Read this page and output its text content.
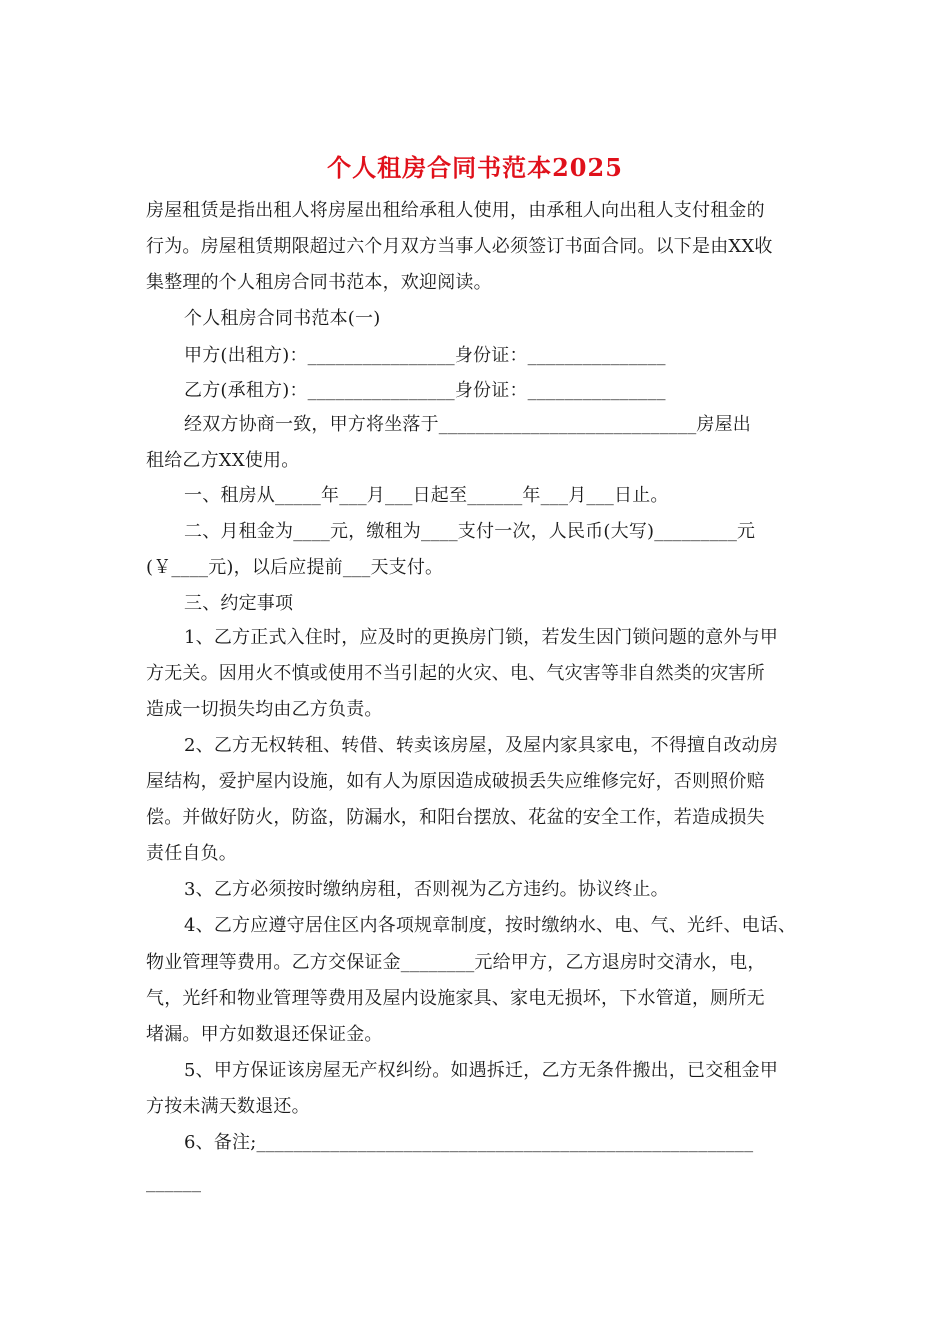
个人租房合同书范本2025
房屋租赁是指出租人将房屋出租给承租人使用，由承租人向出租人支付租金的
行为。房屋租赁期限超过六个月双方当事人必须签订书面合同。以下是由XX收
集整理的个人租房合同书范本，欢迎阅读。
个人租房合同书范本(一)
甲方(出租方)：________________身份证：_______________
乙方(承租方)：________________身份证：_______________
经双方协商一致，甲方将坐落于____________________________房屋出
租给乙方XX使用。
一、租房从_____年___月___日起至______年___月___日止。
二、月租金为____元，缴租为____支付一次，人民币(大写)_________元
(￥____元)，以后应提前___天支付。
三、约定事项
1、乙方正式入住时，应及时的更换房门锁，若发生因门锁问题的意外与甲
方无关。因用火不慎或使用不当引起的火灾、电、气灾害等非自然类的灾害所
造成一切损失均由乙方负责。
2、乙方无权转租、转借、转卖该房屋，及屋内家具家电，不得擅自改动房
屋结构，爱护屋内设施，如有人为原因造成破损丢失应维修完好，否则照价赔
偿。并做好防火，防盗，防漏水，和阳台摆放、花盆的安全工作，若造成损失
责任自负。
3、乙方必须按时缴纳房租，否则视为乙方违约。协议终止。
4、乙方应遵守居住区内各项规章制度，按时缴纳水、电、气、光纤、电话、
物业管理等费用。乙方交保证金________元给甲方，乙方退房时交清水，电，
气，光纤和物业管理等费用及屋内设施家具、家电无损坏，下水管道，厕所无
堵漏。甲方如数退还保证金。
5、甲方保证该房屋无产权纠纷。如遇拆迁，乙方无条件搬出，已交租金甲
方按未满天数退还。
6、备注;______________________________________________________
______
